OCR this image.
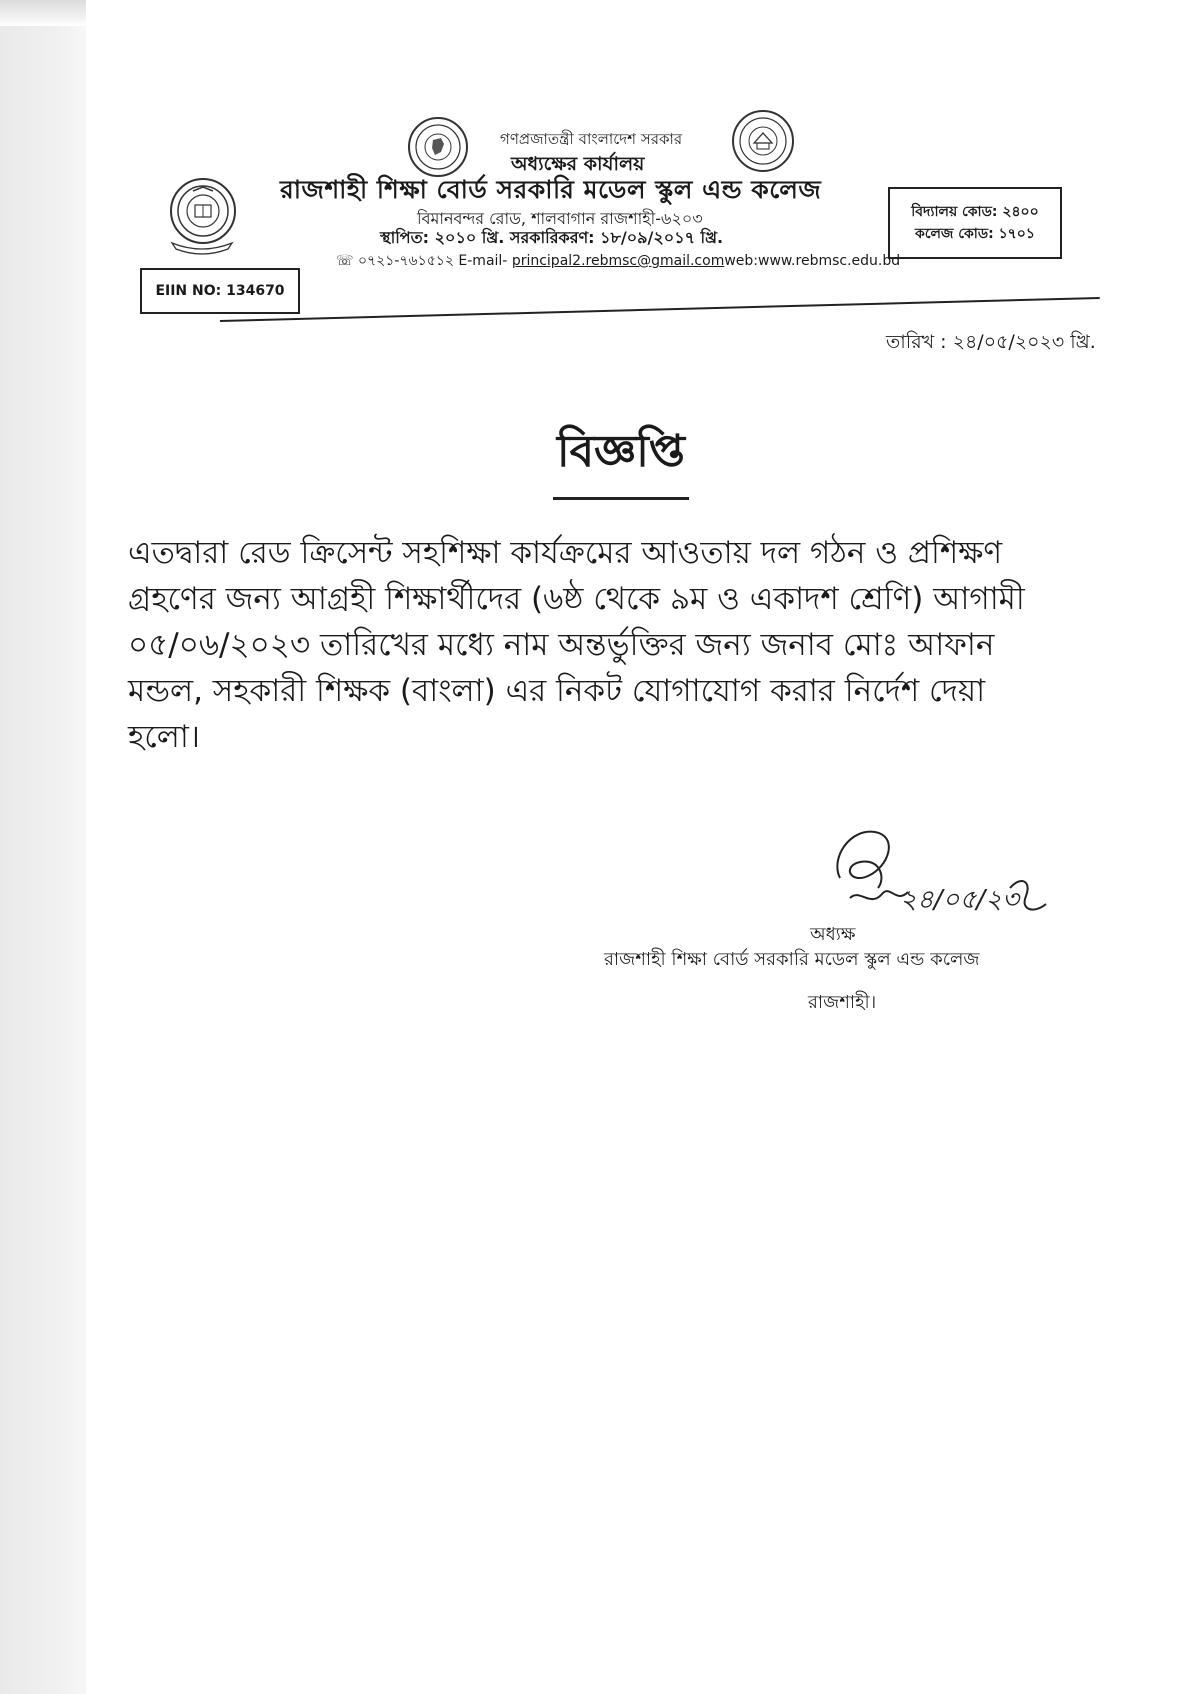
গণপ্রজাতন্ত্রী বাংলাদেশ সরকার
অধ্যক্ষের কার্যালয়
রাজশাহী শিক্ষা বোর্ড সরকারি মডেল স্কুল এন্ড কলেজ
বিমানবন্দর রোড, শালবাগান রাজশাহী-৬২০৩
স্থাপিত: ২০১০ খ্রি. সরকারিকরণ: ১৮/০৯/২০১৭ খ্রি.
☏ ০৭২১-৭৬১৫১২ E-mail- principal2.rebmsc@gmail.comweb:www.rebmsc.edu.bd
EIIN NO: 134670
বিদ্যালয় কোড: ২৪০০
কলেজ কোড: ১৭০১
তারিখ : ২৪/০৫/২০২৩ খ্রি.
বিজ্ঞপ্তি
এতদ্বারা রেড ক্রিসেন্ট সহশিক্ষা কার্যক্রমের আওতায় দল গঠন ও প্রশিক্ষণ
গ্রহণের জন্য আগ্রহী শিক্ষার্থীদের (৬ষ্ঠ থেকে ৯ম ও একাদশ শ্রেণি) আগামী
০৫/০৬/২০২৩ তারিখের মধ্যে নাম অন্তর্ভুক্তির জন্য জনাব মোঃ আফান
মন্ডল, সহকারী শিক্ষক (বাংলা) এর নিকট যোগাযোগ করার নির্দেশ দেয়া
হলো।
২৪/০৫/২৩
অধ্যক্ষ
রাজশাহী শিক্ষা বোর্ড সরকারি মডেল স্কুল এন্ড কলেজ
রাজশাহী।
